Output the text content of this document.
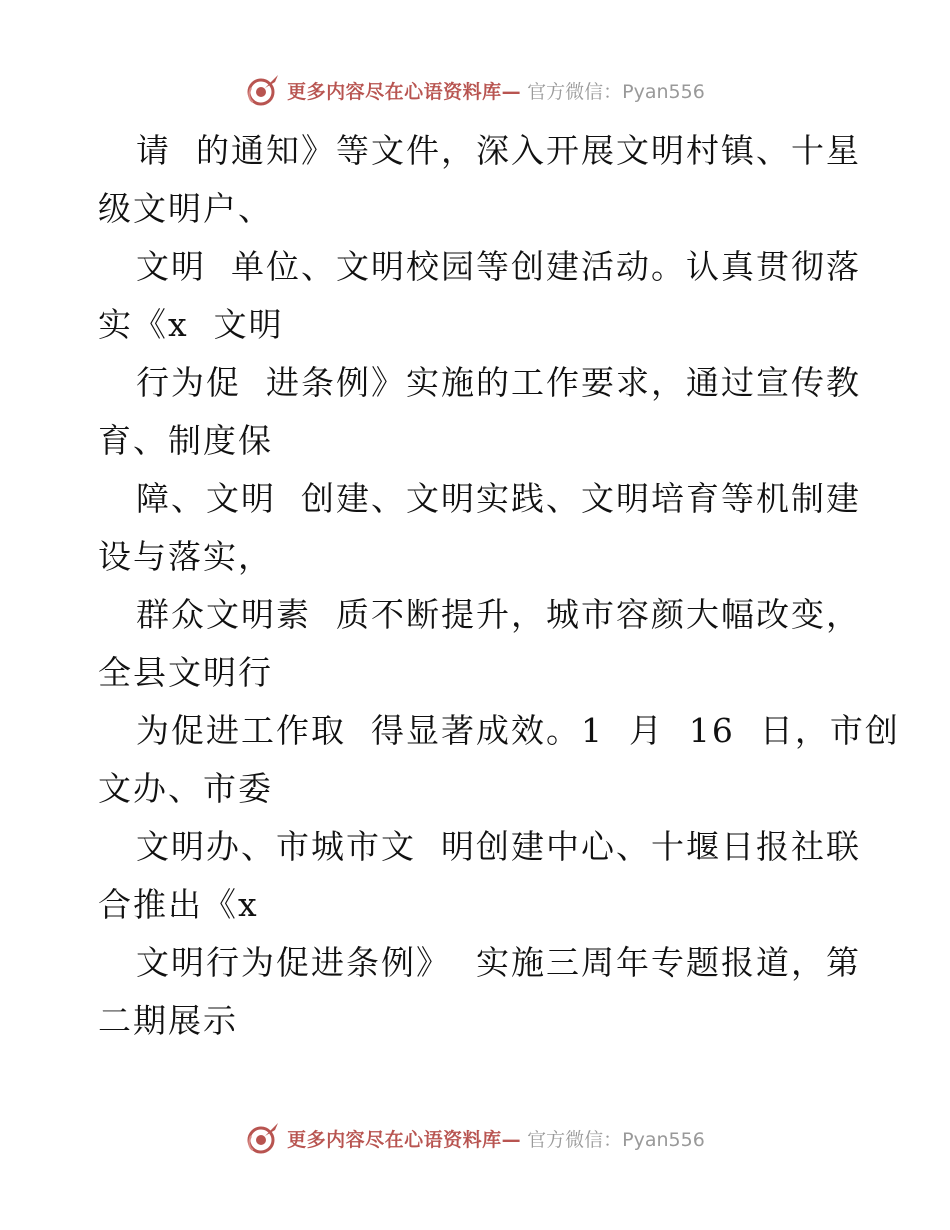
更多内容尽在心语资料库— 官方微信：Pyan556
请  的通知》等文件，深入开展文明村镇、十星
级文明户、
文明  单位、文明校园等创建活动。认真贯彻落
实《x  文明
行为促  进条例》实施的工作要求，通过宣传教
育、制度保
障、文明  创建、文明实践、文明培育等机制建
设与落实，
群众文明素  质不断提升，城市容颜大幅改变，
全县文明行
为促进工作取  得显著成效。1  月  16  日，市创
文办、市委
文明办、市城市文  明创建中心、十堰日报社联
合推出《x
文明行为促进条例》  实施三周年专题报道，第
二期展示
更多内容尽在心语资料库— 官方微信：Pyan556
